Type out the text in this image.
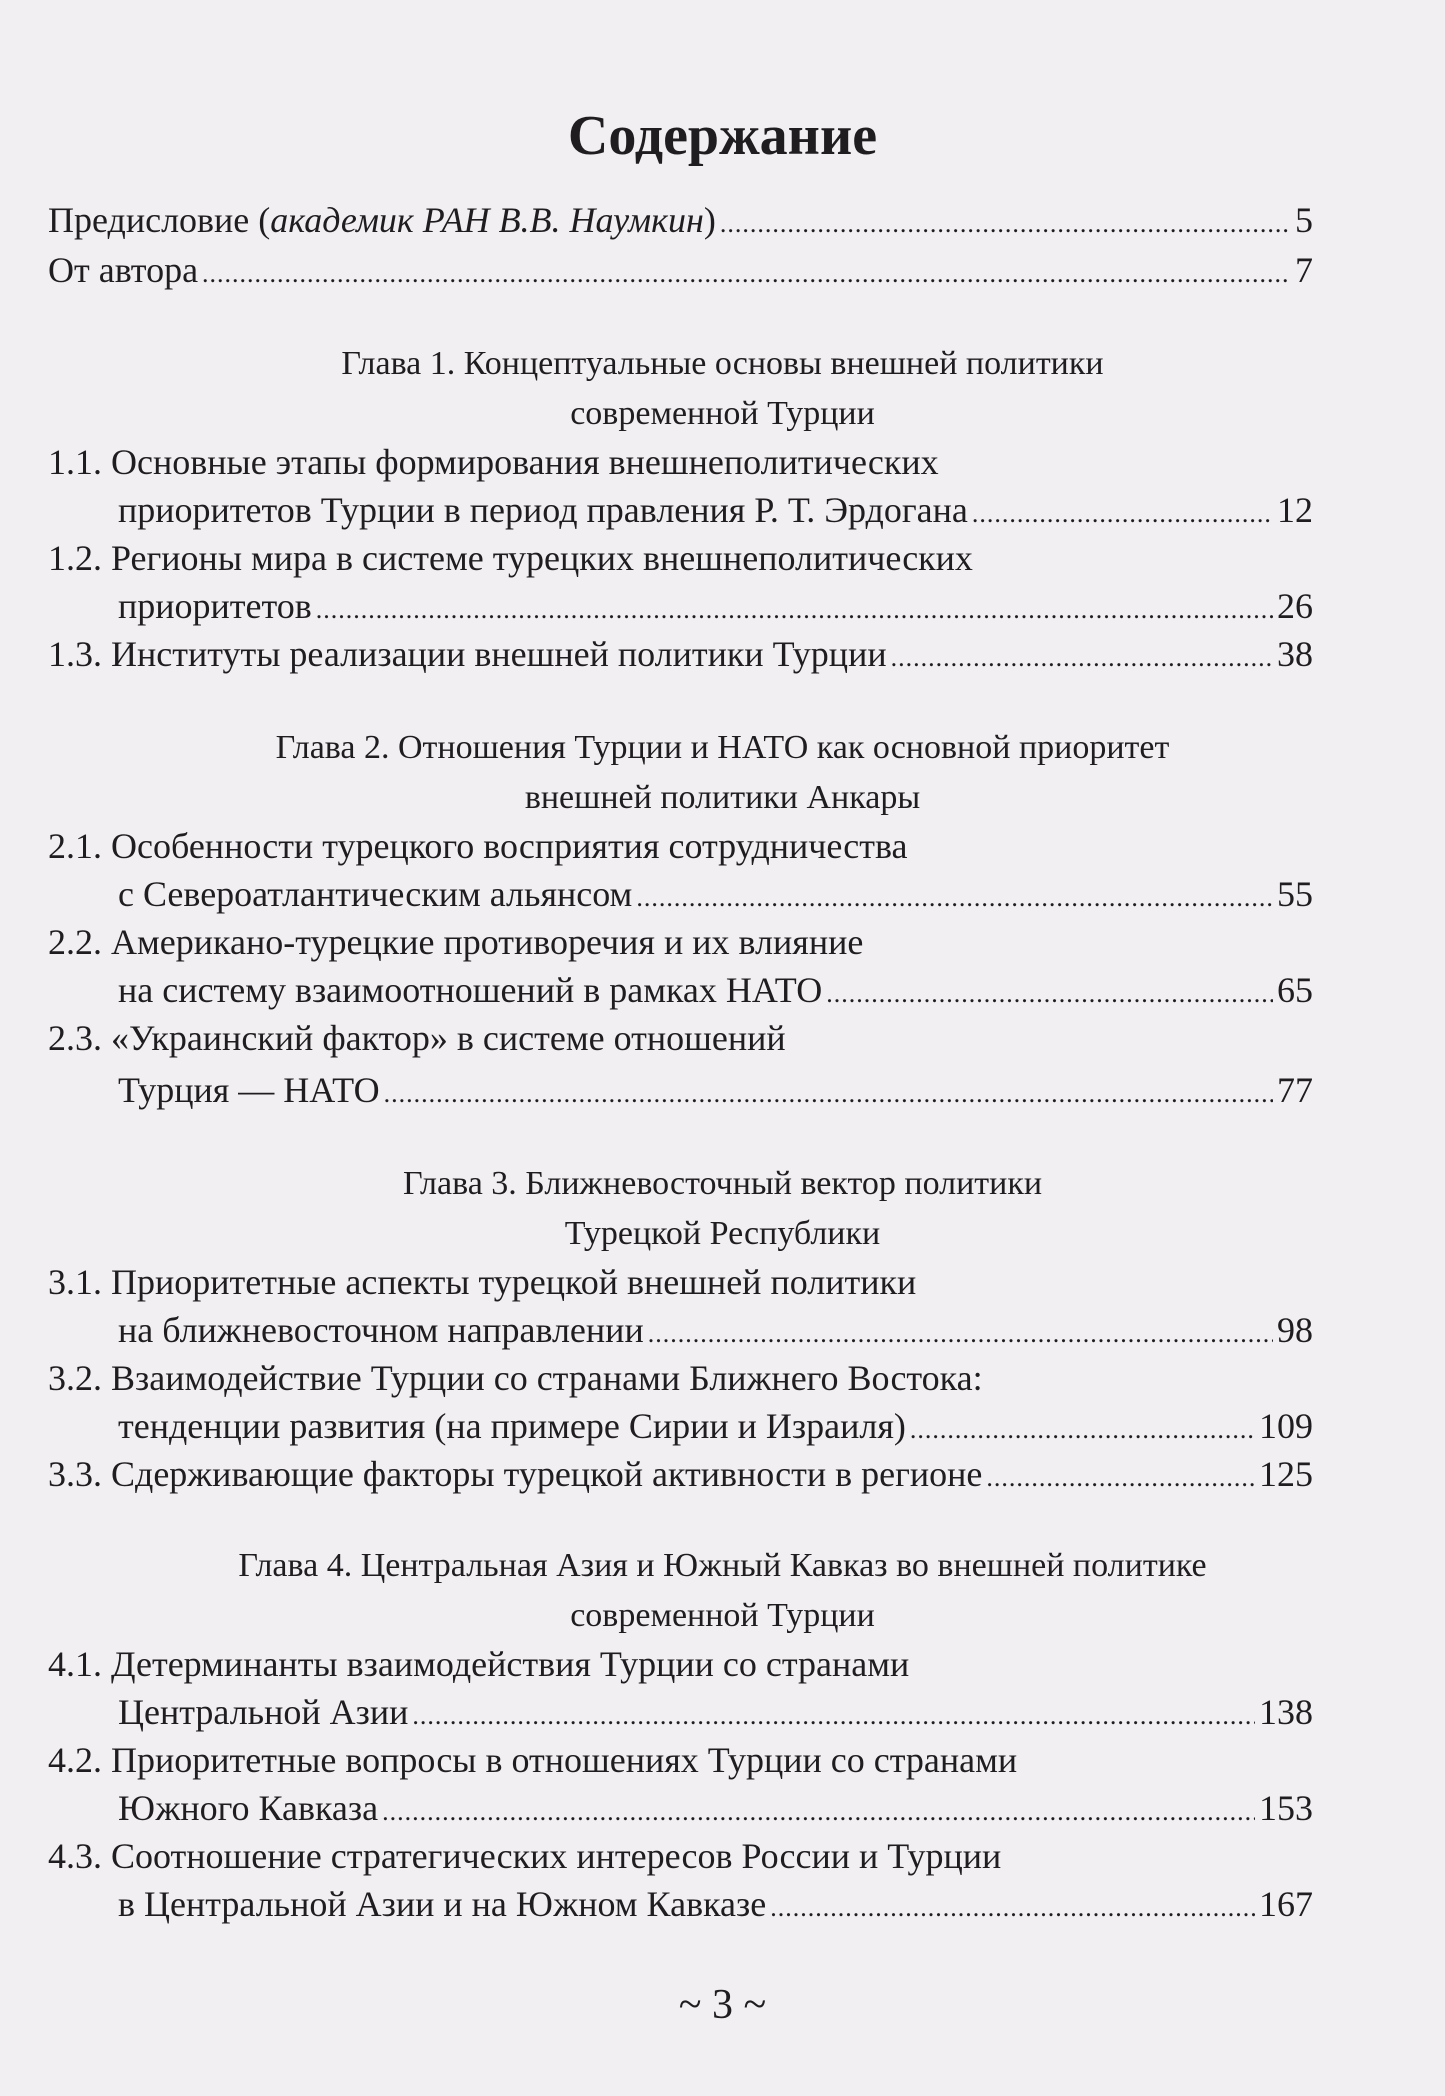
Содержание
Предисловие (академик РАН В.В. Наумкин) .....	5
От автора .....	7
Глава 1. Концептуальные основы внешней политики
современной Турции
1.1. Основные этапы формирования внешнеполитических
приоритетов Турции в период правления Р. Т. Эрдогана .....	12
1.2. Регионы мира в системе турецких внешнеполитических
приоритетов .....	26
1.3. Институты реализации внешней политики Турции .....	38
Глава 2. Отношения Турции и НАТО как основной приоритет
внешней политики Анкары
2.1. Особенности турецкого восприятия сотрудничества
с Североатлантическим альянсом .....	55
2.2. Американо-турецкие противоречия и их влияние
на систему взаимоотношений в рамках НАТО .....	65
2.3. «Украинский фактор» в системе отношений
Турция — НАТО .....	77
Глава 3. Ближневосточный вектор политики
Турецкой Республики
3.1. Приоритетные аспекты турецкой внешней политики
на ближневосточном направлении .....	98
3.2. Взаимодействие Турции со странами Ближнего Востока:
тенденции развития (на примере Сирии и Израиля) .....	109
3.3. Сдерживающие факторы турецкой активности в регионе .....	125
Глава 4. Центральная Азия и Южный Кавказ во внешней политике
современной Турции
4.1. Детерминанты взаимодействия Турции со странами
Центральной Азии .....	138
4.2. Приоритетные вопросы в отношениях Турции со странами
Южного Кавказа .....	153
4.3. Соотношение стратегических интересов России и Турции
в Центральной Азии и на Южном Кавказе .....	167
~ 3 ~
